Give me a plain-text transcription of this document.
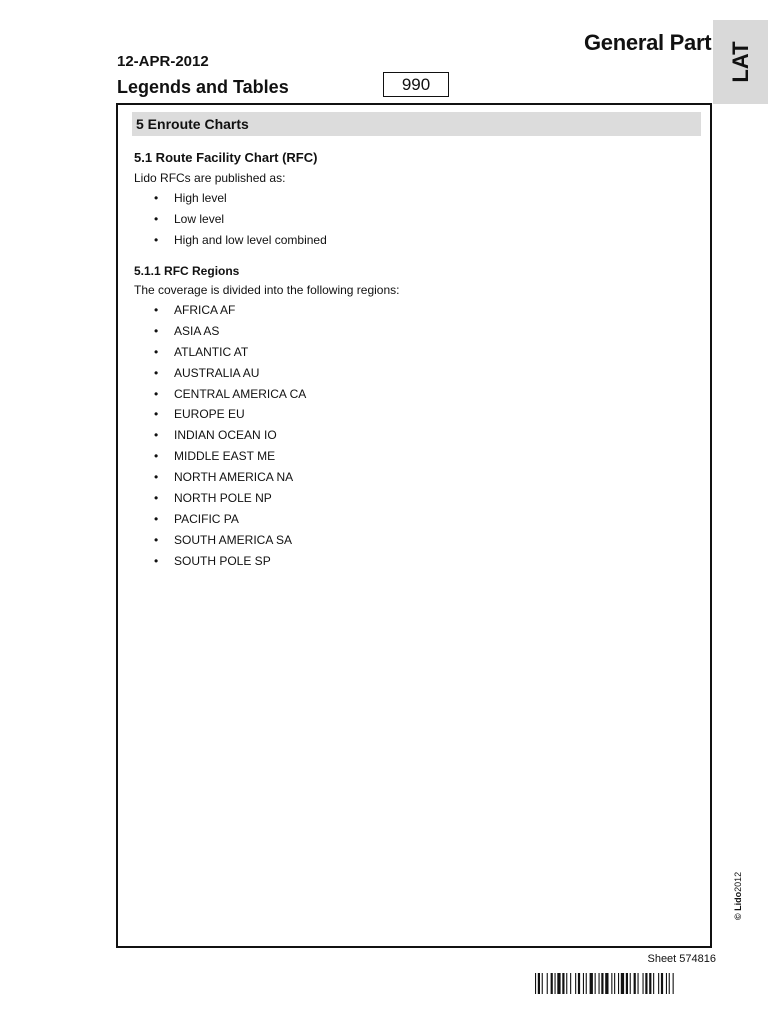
General Part LAT
12-APR-2012
Legends and Tables	990
5 Enroute Charts
5.1 Route Facility Chart (RFC)
Lido RFCs are published as:
• High level
• Low level
• High and low level combined
5.1.1 RFC Regions
The coverage is divided into the following regions:
• AFRICA AF
• ASIA AS
• ATLANTIC AT
• AUSTRALIA AU
• CENTRAL AMERICA CA
• EUROPE EU
• INDIAN OCEAN IO
• MIDDLE EAST ME
• NORTH AMERICA NA
• NORTH POLE NP
• PACIFIC PA
• SOUTH AMERICA SA
• SOUTH POLE SP
© Lido2012
Sheet 574816
